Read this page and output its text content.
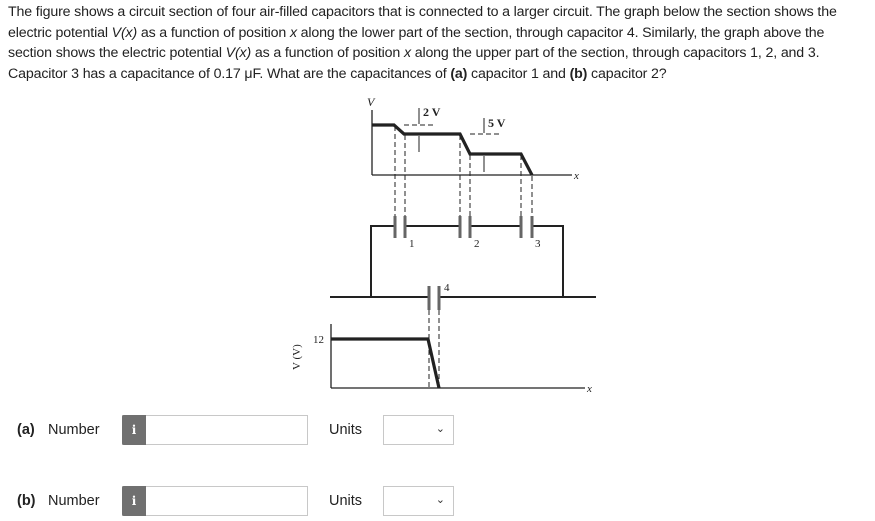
The figure shows a circuit section of four air-filled capacitors that is connected to a larger circuit. The graph below the section shows the electric potential V(x) as a function of position x along the lower part of the section, through capacitor 4. Similarly, the graph above the section shows the electric potential V(x) as a function of position x along the upper part of the section, through capacitors 1, 2, and 3. Capacitor 3 has a capacitance of 0.17 μF. What are the capacitances of (a) capacitor 1 and (b) capacitor 2?
V
x
2 V
5 V
1	2	3
4
12
V (V)
x
(a) Number	i	Units	⌄
(b) Number	i	Units	⌄
